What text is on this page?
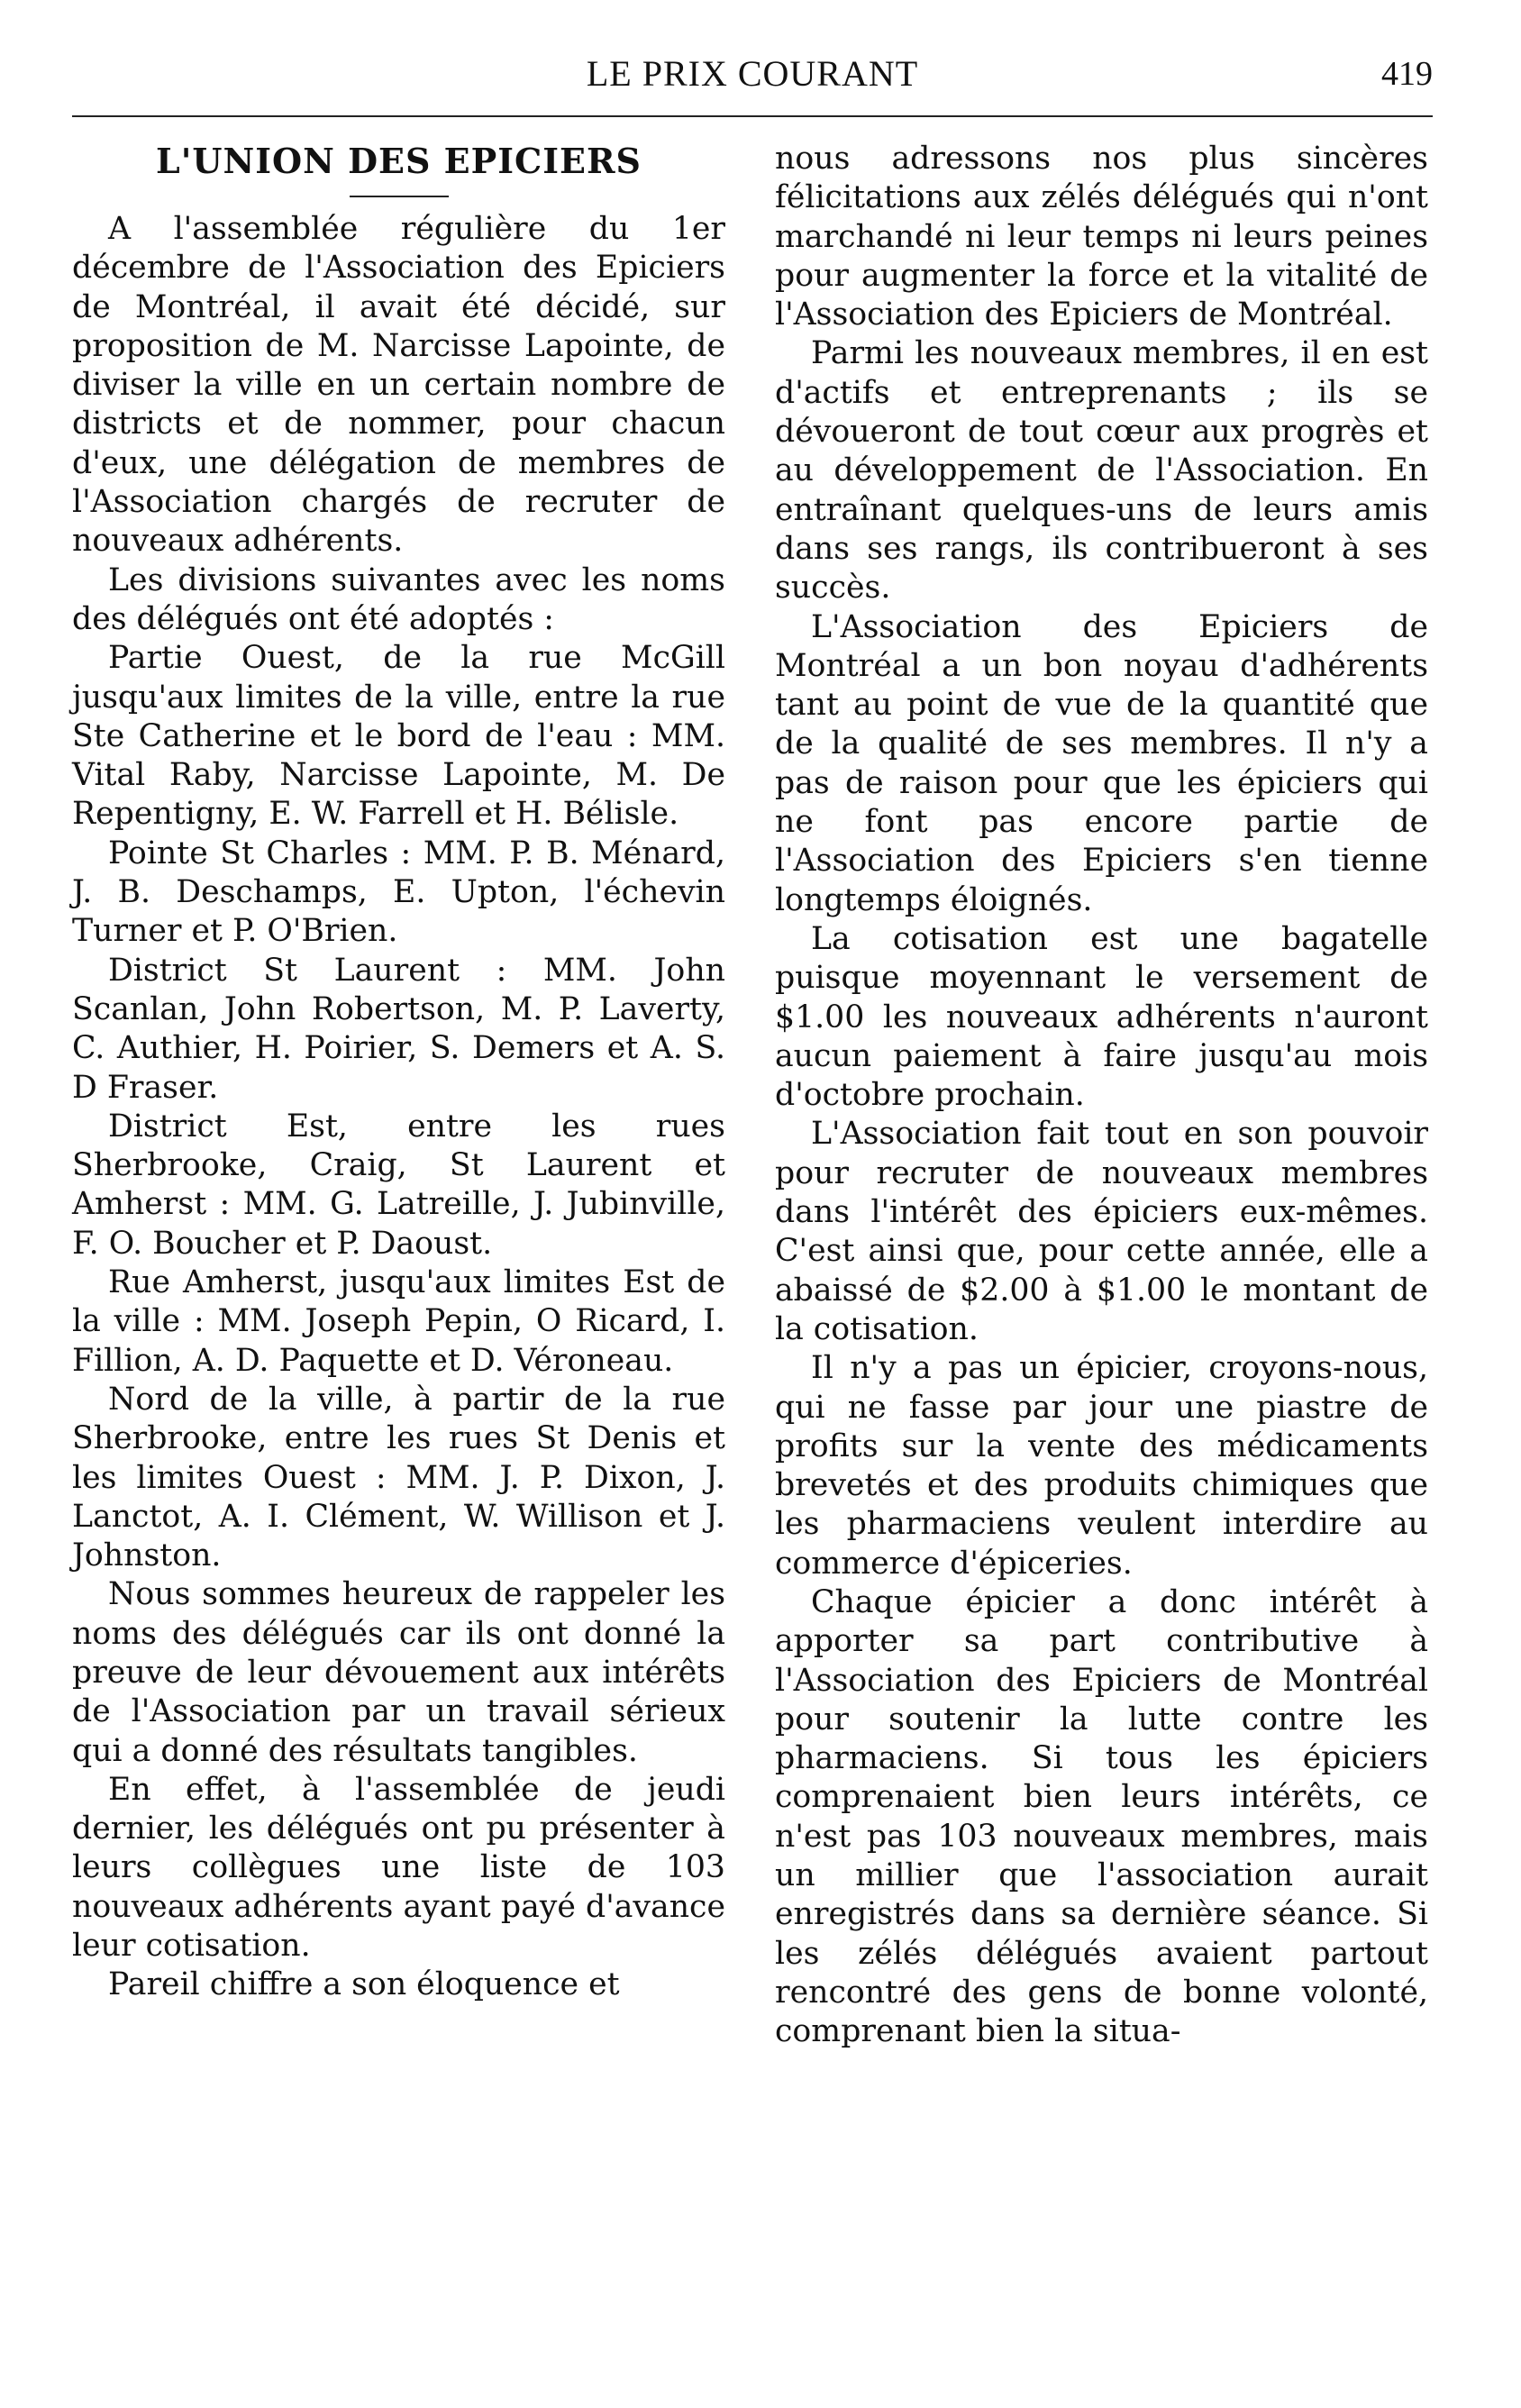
LE PRIX COURANT	419
L'UNION DES EPICIERS

A l'assemblée régulière du 1er décembre de l'Association des Epiciers de Montréal, il avait été décidé, sur proposition de M. Narcisse Lapointe, de diviser la ville en un certain nombre de districts et de nommer, pour chacun d'eux, une délégation de membres de l'Association chargés de recruter de nouveaux adhérents.

Les divisions suivantes avec les noms des délégués ont été adoptés :

Partie Ouest, de la rue McGill jusqu'aux limites de la ville, entre la rue Ste Catherine et le bord de l'eau : MM. Vital Raby, Narcisse Lapointe, M. De Repentigny, E. W. Farrell et H. Bélisle.

Pointe St Charles : MM. P. B. Ménard, J. B. Deschamps, E. Upton, l'échevin Turner et P. O'Brien.

District St Laurent : MM. John Scanlan, John Robertson, M. P. Laverty, C. Authier, H. Poirier, S. Demers et A. S. D Fraser.

District Est, entre les rues Sherbrooke, Craig, St Laurent et Amherst : MM. G. Latreille, J. Jubinville, F. O. Boucher et P. Daoust.

Rue Amherst, jusqu'aux limites Est de la ville : MM. Joseph Pepin, O Ricard, I. Fillion, A. D. Paquette et D. Véroneau.

Nord de la ville, à partir de la rue Sherbrooke, entre les rues St Denis et les limites Ouest : MM. J. P. Dixon, J. Lanctot, A. I. Clément, W. Willison et J. Johnston.

Nous sommes heureux de rappeler les noms des délégués car ils ont donné la preuve de leur dévouement aux intérêts de l'Association par un travail sérieux qui a donné des résultats tangibles.

En effet, à l'assemblée de jeudi dernier, les délégués ont pu présenter à leurs collègues une liste de 103 nouveaux adhérents ayant payé d'avance leur cotisation.

Pareil chiffre a son éloquence et

nous adressons nos plus sincères félicitations aux zélés délégués qui n'ont marchandé ni leur temps ni leurs peines pour augmenter la force et la vitalité de l'Association des Epiciers de Montréal.

Parmi les nouveaux membres, il en est d'actifs et entreprenants ; ils se dévoueront de tout cœur aux progrès et au développement de l'Association. En entraînant quelques-uns de leurs amis dans ses rangs, ils contribueront à ses succès.

L'Association des Epiciers de Montréal a un bon noyau d'adhérents tant au point de vue de la quantité que de la qualité de ses membres. Il n'y a pas de raison pour que les épiciers qui ne font pas encore partie de l'Association des Epiciers s'en tienne longtemps éloignés.

La cotisation est une bagatelle puisque moyennant le versement de $1.00 les nouveaux adhérents n'auront aucun paiement à faire jusqu'au mois d'octobre prochain.

L'Association fait tout en son pouvoir pour recruter de nouveaux membres dans l'intérêt des épiciers eux-mêmes. C'est ainsi que, pour cette année, elle a abaissé de $2.00 à $1.00 le montant de la cotisation.

Il n'y a pas un épicier, croyons-nous, qui ne fasse par jour une piastre de profits sur la vente des médicaments brevetés et des produits chimiques que les pharmaciens veulent interdire au commerce d'épiceries.

Chaque épicier a donc intérêt à apporter sa part contributive à l'Association des Epiciers de Montréal pour soutenir la lutte contre les pharmaciens. Si tous les épiciers comprenaient bien leurs intérêts, ce n'est pas 103 nouveaux membres, mais un millier que l'association aurait enregistrés dans sa dernière séance. Si les zélés délégués avaient partout rencontré des gens de bonne volonté, comprenant bien la situa-
